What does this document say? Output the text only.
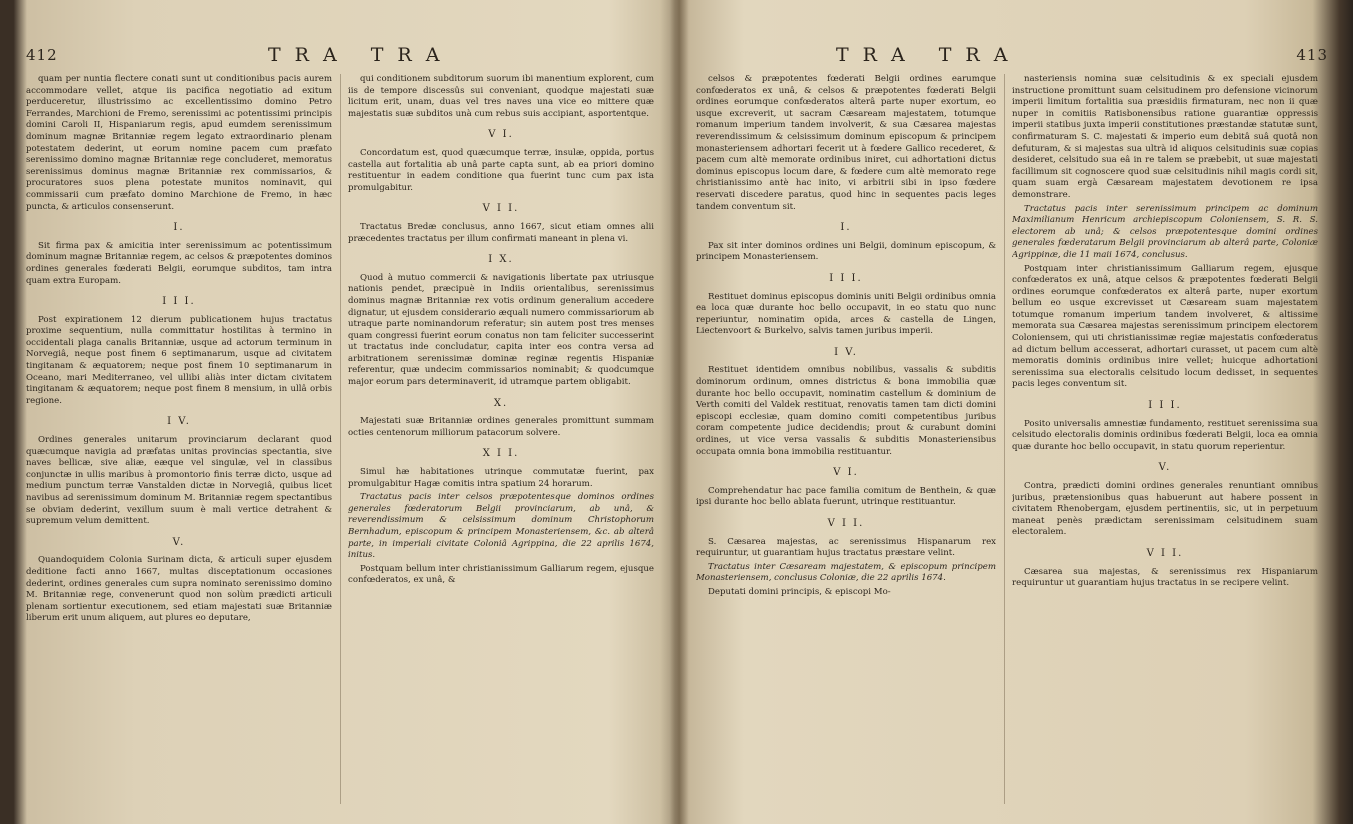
412	TRA TRA

quam per nuntia flectere conati sunt ut conditionibus pacis aurem accommodare vellet, atque iis pacifica negotiatio ad exitum perduceretur, illustrissimo ac excellentissimo domino Petro Ferrandes, Marchioni de Fremo, serenissimi ac potentissimi principis domini Caroli II, Hispaniarum regis, apud eumdem serenissimum dominum magnæ Britanniæ regem legato extraordinario plenam potestatem dederint, ut eorum nomine pacem cum præfato serenissimo domino magnæ Britanniæ rege concluderet, memoratus serenissimus dominus magnæ Britanniæ rex commissarios, & procuratores suos plena potestate munitos nominavit, qui commissarii cum præfato domino Marchione de Fremo, in hæc puncta, & articulos consenserunt.

I.

Sit firma pax & amicitia inter serenissimum ac potentissimum dominum magnæ Britanniæ regem, ac celsos & præpotentes dominos ordines generales fœderati Belgii, eorumque subditos, tam intra quam extra Europam.

I I I.

Post expirationem 12 dierum publicationem hujus tractatus proxime sequentium, nulla committatur hostilitas à termino in occidentali plaga canalis Britanniæ, usque ad actorum terminum in Norvegiâ, neque post finem 6 septimanarum, usque ad civitatem tingitanam & æquatorem; neque post finem 10 septimanarum in Oceano, mari Mediterraneo, vel ullibi aliàs inter dictam civitatem tingitanam & æquatorem; neque post finem 8 mensium, in ullâ orbis regione.

I V.

Ordines generales unitarum provinciarum declarant quod quæcumque navigia ad præfatas unitas provincias spectantia, sive naves bellicæ, sive aliæ, eæque vel singulæ, vel in classibus conjunctæ in ullis maribus à promontorio finis terræ dicto, usque ad medium punctum terræ Vanstalden dictæ in Norvegiâ, quibus licet navibus ad serenissimum dominum M. Britanniæ regem spectantibus se obviam dederint, vexillum suum è mali vertice detrahent & supremum velum demittent.

V.

Quandoquidem Colonia Surinam dicta, & articuli super ejusdem deditione facti anno 1667, multas disceptationum occasiones dederint, ordines generales cum supra nominato serenissimo domino M. Britanniæ rege, convenerunt quod non solùm prædicti articuli plenam sortientur executionem, sed etiam majestati suæ Britanniæ liberum erit unum aliquem, aut plures eo deputare,

qui conditionem subditorum suorum ibi manentium explorent, cum iis de tempore discessûs sui conveniant, quodque majestati suæ licitum erit, unam, duas vel tres naves una vice eo mittere quæ majestatis suæ subditos unà cum rebus suis accipiant, asportentque.

V I.

Concordatum est, quod quæcumque terræ, insulæ, oppida, portus castella aut fortalitia ab unâ parte capta sunt, ab ea priori domino restituentur in eadem conditione qua fuerint tunc cum pax ista promulgabitur.

V I I.

Tractatus Bredæ conclusus, anno 1667, sicut etiam omnes alii præcedentes tractatus per illum confirmati maneant in plena vi.

I X.

Quod à mutuo commercii & navigationis libertate pax utriusque nationis pendet, præcipuè in Indiis orientalibus, serenissimus dominus magnæ Britanniæ rex votis ordinum generalium accedere dignatur, ut ejusdem considerario æquali numero commissariorum ab utraque parte nominandorum referatur; sin autem post tres menses quam congressi fuerint eorum conatus non tam feliciter successerint ut tractatus inde concludatur, capita inter eos contra versa ad arbitrationem serenissimæ dominæ reginæ regentis Hispaniæ referentur, quæ undecim commissarios nominabit; & quodcumque major eorum pars determinaverit, id utramque partem obligabit.

X.

Majestati suæ Britanniæ ordines generales promittunt summam octies centenorum milliorum patacorum solvere.

X I I.

Simul hæ habitationes utrinque commutatæ fuerint, pax promulgabitur Hagæ comitis intra spatium 24 horarum.

Tractatus pacis inter celsos præpotentesque dominos ordines generales fœderatorum Belgii provinciarum, ab unâ, & reverendissimum & celsissimum dominum Christophorum Bernhadum, episcopum & principem Monasteriensem, &c. ab alterâ parte, in imperiali civitate Coloniâ Agrippina, die 22 aprilis 1674, initus.

Postquam bellum inter christianissimum Galliarum regem, ejusque confœderatos, ex unâ, &

TRA TRA	413

celsos & præpotentes fœderati Belgii ordines earumque confœderatos ex unâ, & celsos & præpotentes fœderati Belgii ordines eorumque confœderatos alterâ parte nuper exortum, eo usque excreverit, ut sacram Cæsaream majestatem, totumque romanum imperium tandem involverit, & sua Cæsarea majestas reverendissimum & celsissimum dominum episcopum & principem monasteriensem adhortari fecerit ut à fœdere Gallico recederet, & pacem cum altè memorate ordinibus iniret, cui adhortationi dictus dominus episcopus locum dare, & fœdere cum altè memorato rege christianissimo antè hac inito, vi arbitrii sibi in ipso fœdere reservati discedere paratus, quod hinc in sequentes pacis leges tandem conventum sit.

I.

Pax sit inter dominos ordines uni Belgii, dominum episcopum, & principem Monasteriensem.

I I I.

Restituet dominus episcopus dominis uniti Belgii ordinibus omnia ea loca quæ durante hoc bello occupavit, in eo statu quo nunc reperiuntur, nominatim opida, arces & castella de Lingen, Liectenvoort & Burkelvo, salvis tamen juribus imperii.

I V.

Restituet identidem omnibus nobilibus, vassalis & subditis dominorum ordinum, omnes districtus & bona immobilia quæ durante hoc bello occupavit, nominatim castellum & dominium de Verth comiti del Valdek restituat, renovatis tamen tam dicti domini episcopi ecclesiæ, quam domino comiti competentibus juribus coram competente judice decidendis; prout & curabunt domini ordines, ut vice versa vassalis & subditis Monasteriensibus occupata omnia bona immobilia restituantur.

V I.

Comprehendatur hac pace familia comitum de Benthein, & quæ ipsi durante hoc bello ablata fuerunt, utrinque restituantur.

V I I.

S. Cæsarea majestas, ac serenissimus Hispanarum rex requiruntur, ut guarantiam hujus tractatus præstare velint.

Tractatus inter Cæsaream majestatem, & episcopum principem Monasteriensem, conclusus Coloniæ, die 22 aprilis 1674.

Deputati domini principis, & episcopi Mo-

nasteriensis nomina suæ celsitudinis & ex speciali ejusdem instructione promittunt suam celsitudinem pro defensione vicinorum imperii limitum fortalitia sua præsidiis firmaturam, nec non ii quæ nuper in comitiis Ratisbonensibus ratione guarantiæ oppressis imperii statibus juxta imperii constitutiones præstandæ statutæ sunt, confirmaturam S. C. majestati & imperio eum debitâ suâ quotâ non defuturam, & si majestas sua ultrà id aliquos celsitudinis suæ copias desideret, celsitudo sua eâ in re talem se præbebit, ut suæ majestati facillimum sit cognoscere quod suæ celsitudinis nihil magis cordi sit, quam suam ergà Cæsaream majestatem devotionem re ipsa demonstrare.

Tractatus pacis inter serenissimum principem ac dominum Maximilianum Henricum archiepiscopum Coloniensem, S. R. S. electorem ab unâ; & celsos præpotentesque domini ordines generales fœderatarum Belgii provinciarum ab alterâ parte, Coloniæ Agrippinæ, die 11 maii 1674, conclusus.

Postquam inter christianissimum Galliarum regem, ejusque confœderatos ex unâ, atque celsos & præpotentes fœderati Belgii ordines eorumque confœderatos ex alterâ parte, nuper exortum bellum eo usque excrevisset ut Cæsaream suam majestatem totumque romanum imperium tandem involveret, & altissime memorata sua Cæsarea majestas serenissimum principem electorem Coloniensem, qui uti christianissimæ regiæ majestatis confœderatus ad dictum bellum accesserat, adhortari curasset, ut pacem cum altè memoratis dominis ordinibus inire vellet; huicque adhortationi serenissima sua electoralis celsitudo locum dedisset, in sequentes pacis leges conventum sit.

I I I.

Posito universalis amnestiæ fundamento, restituet serenissima sua celsitudo electoralis dominis ordinibus fœderati Belgii, loca ea omnia quæ durante hoc bello occupavit, in statu quorum reperientur.

V.

Contra, prædicti domini ordines generales renuntiant omnibus juribus, prætensionibus quas habuerunt aut habere possent in civitatem Rhenobergam, ejusdem pertinentiis, sic, ut in perpetuum maneat penès prædictam serenissimam celsitudinem suam electoralem.

V I I.

Cæsarea sua majestas, & serenissimus rex Hispaniarum requiruntur ut guarantiam hujus tractatus in se recipere velint.
